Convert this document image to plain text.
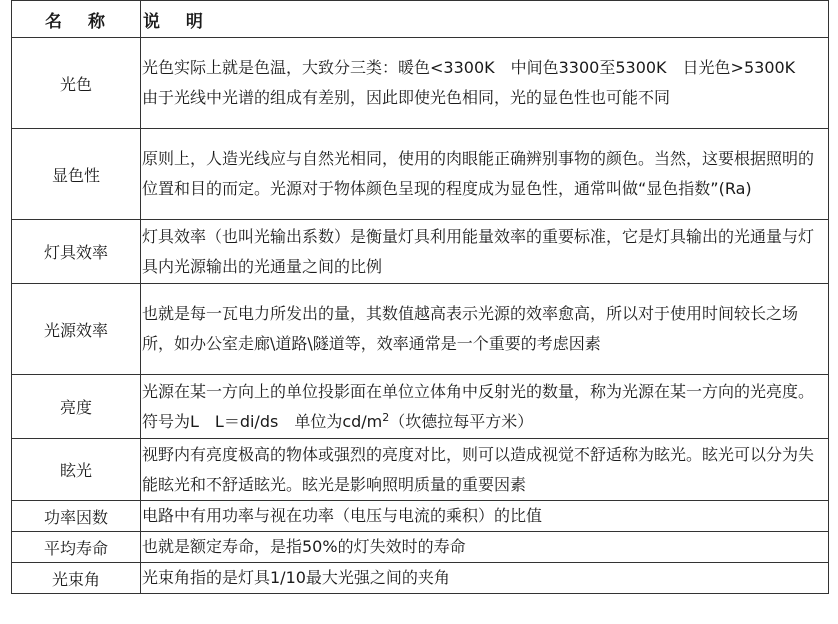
名 称	说 明
光色	光色实际上就是色温，大致分三类：暖色<3300K　中间色3300至5300K　日光色>5300K　由于光线中光谱的组成有差别，因此即使光色相同，光的显色性也可能不同
显色性	原则上，人造光线应与自然光相同，使用的肉眼能正确辨别事物的颜色。当然，这要根据照明的位置和目的而定。光源对于物体颜色呈现的程度成为显色性，通常叫做“显色指数”(Ra)
灯具效率	灯具效率（也叫光输出系数）是衡量灯具利用能量效率的重要标准，它是灯具输出的光通量与灯具内光源输出的光通量之间的比例
光源效率	也就是每一瓦电力所发出的量，其数值越高表示光源的效率愈高，所以对于使用时间较长之场所，如办公室走廊\道路\隧道等，效率通常是一个重要的考虑因素
亮度	光源在某一方向上的单位投影面在单位立体角中反射光的数量，称为光源在某一方向的光亮度。符号为L　L＝di/ds　单位为$cd/m^2$（坎德拉每平方米）
眩光	视野内有亮度极高的物体或强烈的亮度对比，则可以造成视觉不舒适称为眩光。眩光可以分为失能眩光和不舒适眩光。眩光是影响照明质量的重要因素
功率因数	电路中有用功率与视在功率（电压与电流的乘积）的比值
平均寿命	也就是额定寿命，是指50%的灯失效时的寿命
光束角	光束角指的是灯具1/10最大光强之间的夹角
